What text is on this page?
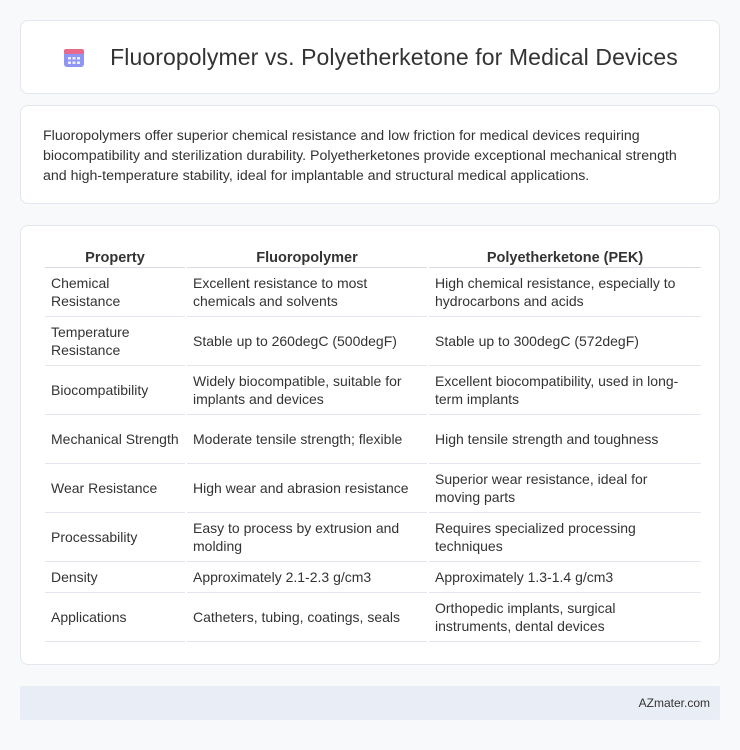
Fluoropolymer vs. Polyetherketone for Medical Devices

Fluoropolymers offer superior chemical resistance and low friction for medical devices requiring biocompatibility and sterilization durability. Polyetherketones provide exceptional mechanical strength and high-temperature stability, ideal for implantable and structural medical applications.

Property	Fluoropolymer	Polyetherketone (PEK)
Chemical Resistance	Excellent resistance to most chemicals and solvents	High chemical resistance, especially to hydrocarbons and acids
Temperature Resistance	Stable up to 260degC (500degF)	Stable up to 300degC (572degF)
Biocompatibility	Widely biocompatible, suitable for implants and devices	Excellent biocompatibility, used in long-term implants
Mechanical Strength	Moderate tensile strength; flexible	High tensile strength and toughness
Wear Resistance	High wear and abrasion resistance	Superior wear resistance, ideal for moving parts
Processability	Easy to process by extrusion and molding	Requires specialized processing techniques
Density	Approximately 2.1-2.3 g/cm3	Approximately 1.3-1.4 g/cm3
Applications	Catheters, tubing, coatings, seals	Orthopedic implants, surgical instruments, dental devices
AZmater.com
